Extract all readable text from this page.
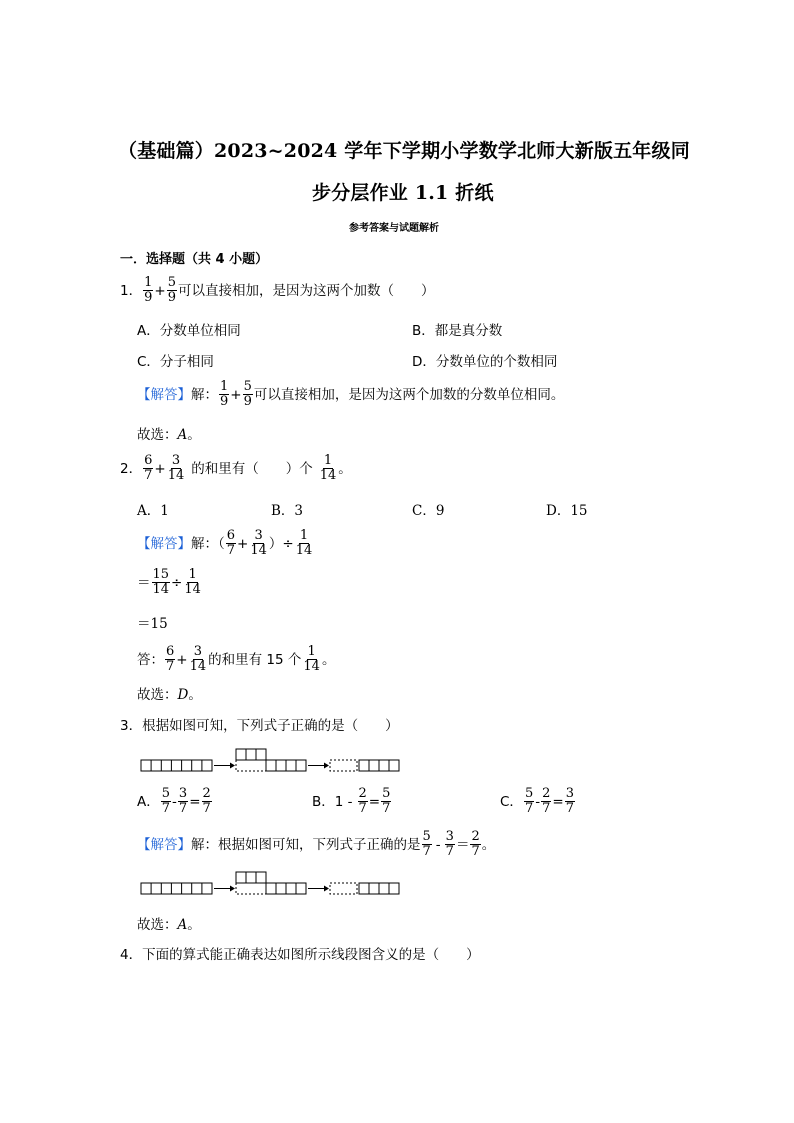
（基础篇）2023~2024 学年下学期小学数学北师大新版五年级同
步分层作业 1.1 折纸
参考答案与试题解析
一．选择题（共 4 小题）
1． $\frac{1}{9} + \frac{5}{9}$ 可以直接相加，是因为这两个加数（　　）
A．分数单位相同	B．都是真分数
C．分子相同	D．分数单位的个数相同
【解答】 解： $\frac{1}{9} + \frac{5}{9}$ 可以直接相加，是因为这两个加数的分数单位相同。
故选：A。
2． $\frac{6}{7} + \frac{3}{14}$ 的和里有（　　）个 $\frac{1}{14}$ 。
A．1	B．3	C．9	D．15
【解答】 解：（ $\frac{6}{7} + \frac{3}{14}$ ）÷ $\frac{1}{14}$
＝ $\frac{15}{14} \div \frac{1}{14}$
＝15
答： $\frac{6}{7} + \frac{3}{14}$ 的和里有 15 个 $\frac{1}{14}$ 。
故选：D。
3．根据如图可知，下列式子正确的是（　　）
A． $\frac{5}{7} - \frac{3}{7} = \frac{2}{7}$	B．$1 - \frac{2}{7} = \frac{5}{7}$	C． $\frac{5}{7} - \frac{2}{7} = \frac{3}{7}$
【解答】 解：根据如图可知，下列式子正确的是 $\frac{5}{7} - \frac{3}{7} = \frac{2}{7}$ 。
故选：A。
4．下面的算式能正确表达如图所示线段图含义的是（　　）
